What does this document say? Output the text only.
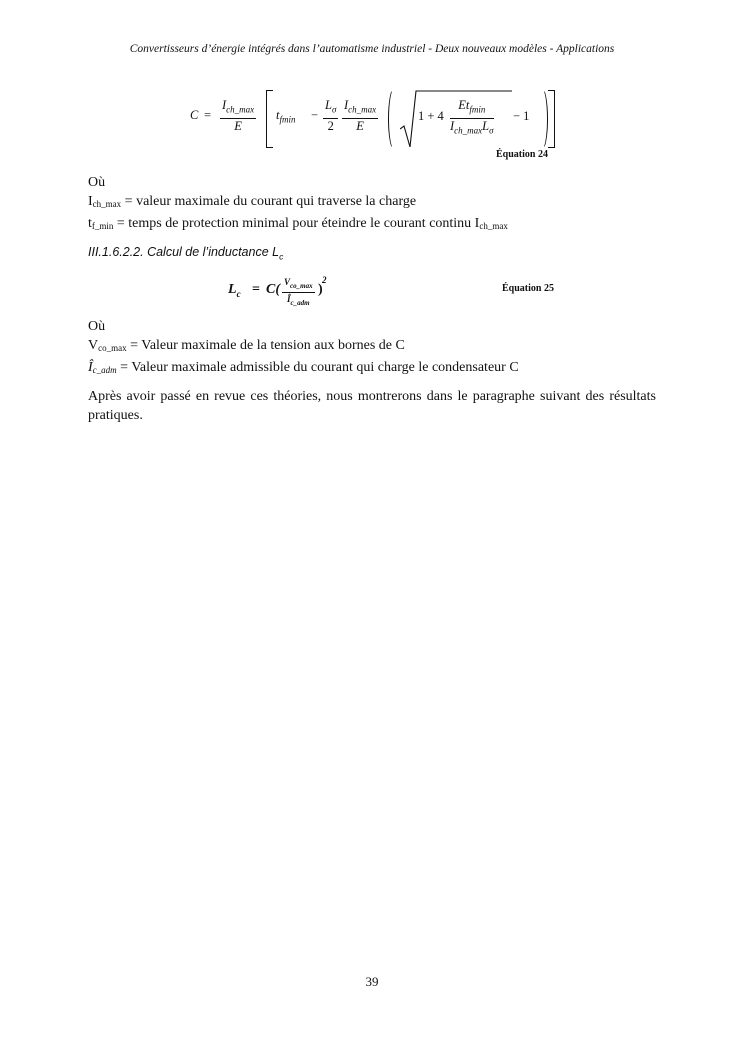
Convertisseurs d’énergie intégrés dans l’automatisme industriel - Deux nouveaux modèles - Applications
C =
$I_{ch\_max}$
E
$t_{fmin} - \frac{L_\sigma}{2} I_{ch\_max}$
E
1 + 4
$Et_{fmin}$
$I_{ch\_max}L_\sigma$
− 1
Équation 24
Où
$I_{ch\_max}$ = valeur maximale du courant qui traverse la charge
$t_{f\_min}$ = temps de protection minimal pour éteindre le courant continu $I_{ch\_max}$
III.1.6.2.2. Calcul de l’inductance $L_c$
$L_c = C$( $V_{co\_max}$
$Î_{c\_adm}$
)
2
Équation 25
Où
$V_{co\_max}$ = Valeur maximale de la tension aux bornes de C
$Î_{c\_adm}$ = Valeur maximale admissible du courant qui charge le condensateur C
Après avoir passé en revue ces théories, nous montrerons dans le paragraphe suivant des résultats pratiques.
39
